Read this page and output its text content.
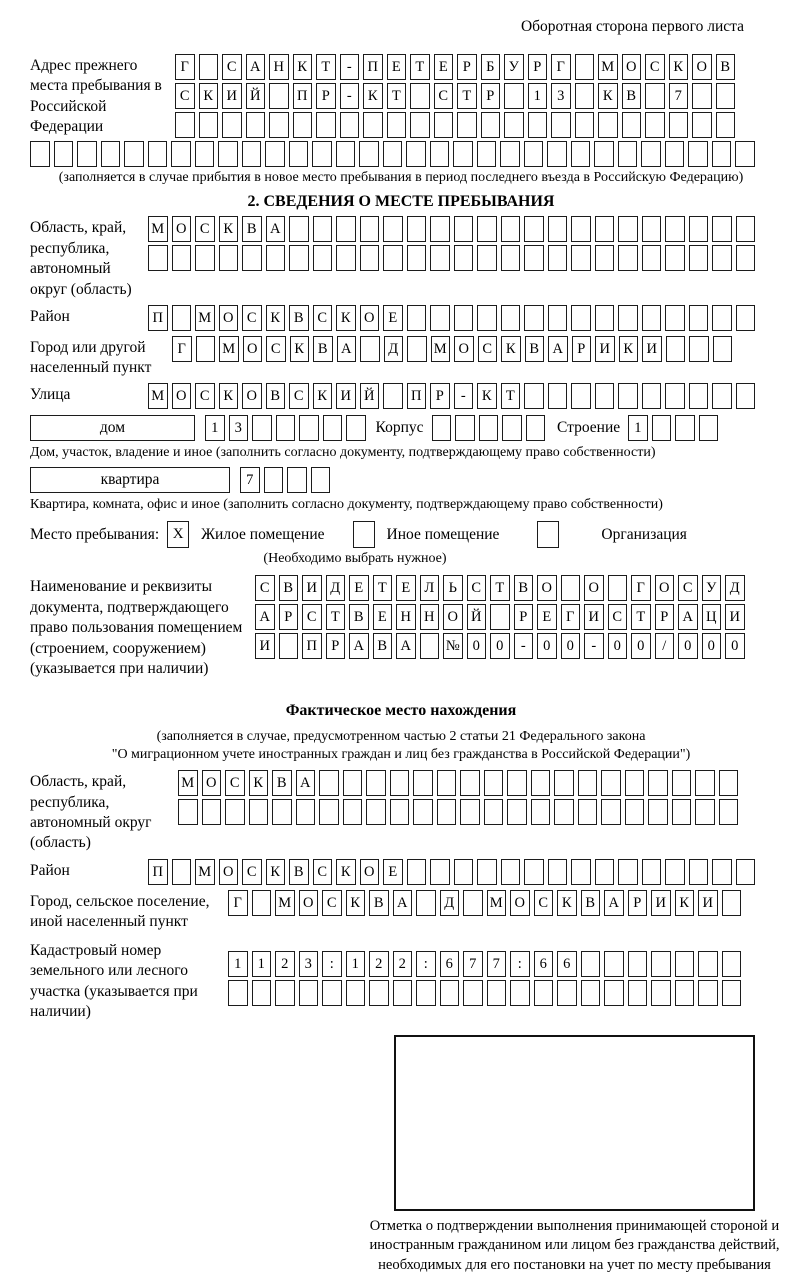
Оборотная сторона первого листа
Адрес прежнего места пребывания в Российской Федерации
Г	С А Н К Т	-	П Е	Т	Е	Р	Б У Р	Г	М О С К О В
С К И Й	П Р	-	К Т	С Т	Р	1	3	К В	7
(заполняется в случае прибытия в новое место пребывания в период последнего въезда в Российскую Федерацию)
2. СВЕДЕНИЯ О МЕСТЕ ПРЕБЫВАНИЯ
Область, край, республика, автономный округ (область)
М О С К В А
Район	П	М О С К В С К О Е
Город или другой населенный пункт
Г	М О С К В А	Д	М О С К В А Р И К И
Улица	М О С К О В С К И Й	П Р	-	К Т
дом	1	3	Корпус	Строение 1
Дом, участок, владение и иное (заполнить согласно документу, подтверждающему право собственности)
квартира	7
Квартира, комната, офис и иное (заполнить согласно документу, подтверждающему право собственности)
Место пребывания: X	Жилое помещение	Иное помещение	Организация
(Необходимо выбрать нужное)
Наименование и реквизиты документа, подтверждающего право пользования помещением (строением, сооружением) (указывается при наличии)
С В И Д Е	Т	Е Л Ь	С Т В О	О	Г О С У Д
А Р	С Т В Е Н Н О Й	Р	Е	Г И С Т	Р А Ц И
И	П Р А В А	№ 0	0	-	0	0	-	0	0	/	0	0	0
Фактическое место нахождения
(заполняется в случае, предусмотренном частью 2 статьи 21 Федерального закона
"О миграционном учете иностранных граждан и лиц без гражданства в Российской Федерации")
Область, край, республика, автономный округ (область)
М О С К В А
Район	П	М О С К В С К О Е
Город, сельское поселение, иной населенный пункт
Г	М О С К В А	Д	М О С К В А Р И К И
Кадастровый номер земельного или лесного участка (указывается при наличии)
1	1	2	3	:	1	2	2	:	6	7	7	:	6	6
Отметка о подтверждении выполнения принимающей стороной и иностранным гражданином или лицом без гражданства действий, необходимых для его постановки на учет по месту пребывания
